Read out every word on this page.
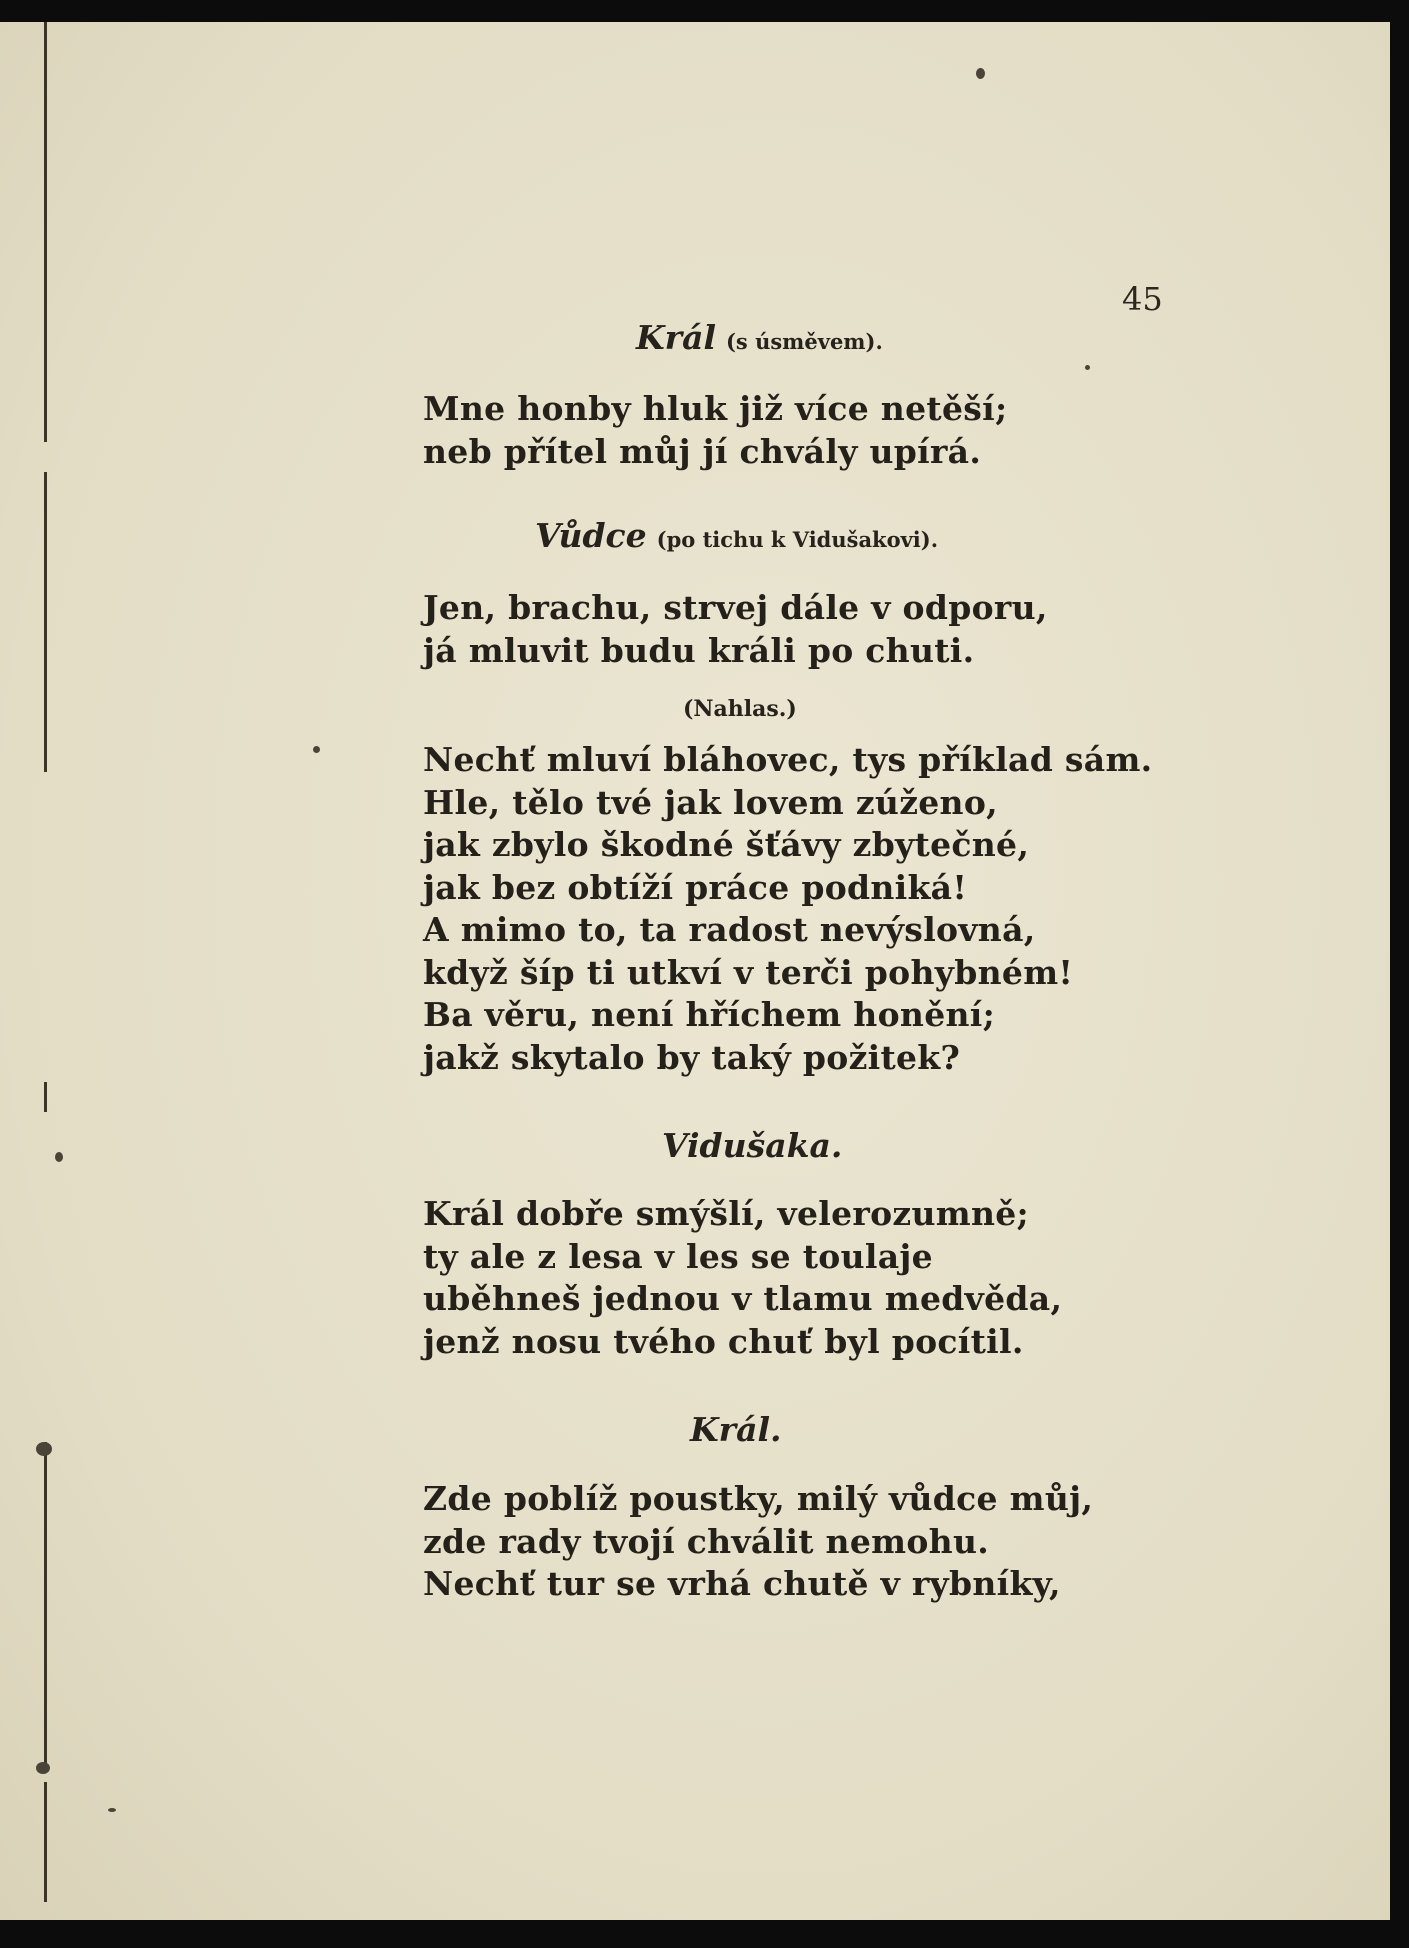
45
Král (s úsměvem).
Mne honby hluk již více netěší;
neb přítel můj jí chvály upírá.
Vůdce (po tichu k Vidušakovi).
Jen, brachu, strvej dále v odporu,
já mluvit budu králi po chuti.
(Nahlas.)
Nechť mluví bláhovec, tys příklad sám.
Hle, tělo tvé jak lovem zúženo,
jak zbylo škodné šťávy zbytečné,
jak bez obtíží práce podniká!
A mimo to, ta radost nevýslovná,
když šíp ti utkví v terči pohybném!
Ba věru, není hříchem honění;
jakž skytalo by taký požitek?
Vidušaka.
Král dobře smýšlí, velerozumně;
ty ale z lesa v les se toulaje
uběhneš jednou v tlamu medvěda,
jenž nosu tvého chuť byl pocítil.
Král.
Zde poblíž poustky, milý vůdce můj,
zde rady tvojí chválit nemohu.
Nechť tur se vrhá chutě v rybníky,
